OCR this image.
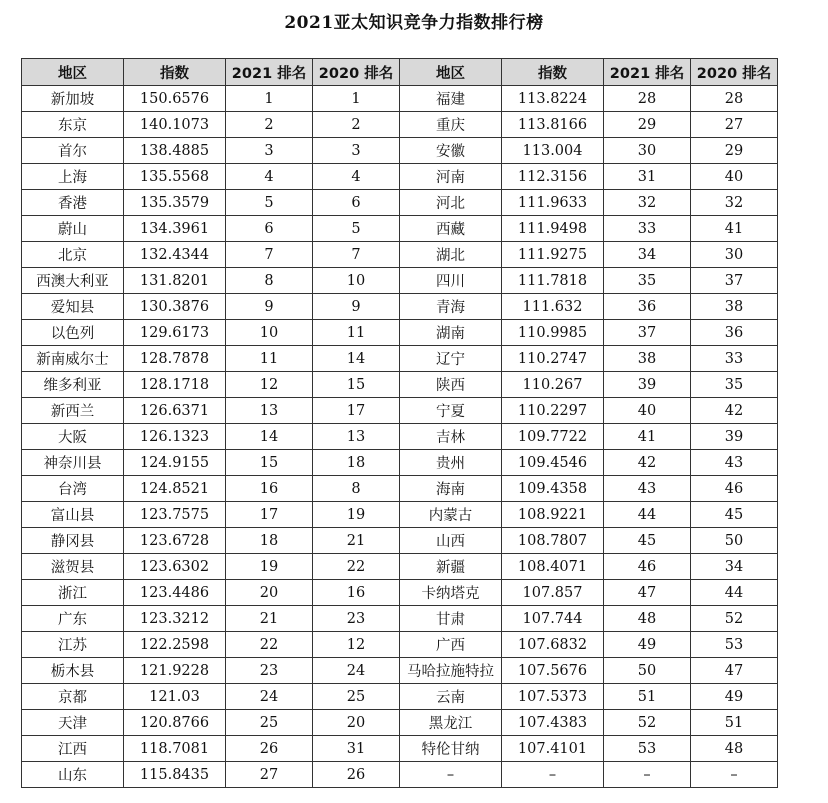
2021亚太知识竞争力指数排行榜
地区	指数	2021 排名	2020 排名	地区	指数	2021 排名	2020 排名
新加坡	150.6576	1	1	福建	113.8224	28	28
东京	140.1073	2	2	重庆	113.8166	29	27
首尔	138.4885	3	3	安徽	113.004	30	29
上海	135.5568	4	4	河南	112.3156	31	40
香港	135.3579	5	6	河北	111.9633	32	32
蔚山	134.3961	6	5	西藏	111.9498	33	41
北京	132.4344	7	7	湖北	111.9275	34	30
西澳大利亚	131.8201	8	10	四川	111.7818	35	37
爱知县	130.3876	9	9	青海	111.632	36	38
以色列	129.6173	10	11	湖南	110.9985	37	36
新南威尔士	128.7878	11	14	辽宁	110.2747	38	33
维多利亚	128.1718	12	15	陕西	110.267	39	35
新西兰	126.6371	13	17	宁夏	110.2297	40	42
大阪	126.1323	14	13	吉林	109.7722	41	39
神奈川县	124.9155	15	18	贵州	109.4546	42	43
台湾	124.8521	16	8	海南	109.4358	43	46
富山县	123.7575	17	19	内蒙古	108.9221	44	45
静冈县	123.6728	18	21	山西	108.7807	45	50
滋贺县	123.6302	19	22	新疆	108.4071	46	34
浙江	123.4486	20	16	卡纳塔克	107.857	47	44
广东	123.3212	21	23	甘肃	107.744	48	52
江苏	122.2598	22	12	广西	107.6832	49	53
栃木县	121.9228	23	24	马哈拉施特拉	107.5676	50	47
京都	121.03	24	25	云南	107.5373	51	49
天津	120.8766	25	20	黑龙江	107.4383	52	51
江西	118.7081	26	31	特伦甘纳	107.4101	53	48
山东	115.8435	27	26	–	–	–	–
